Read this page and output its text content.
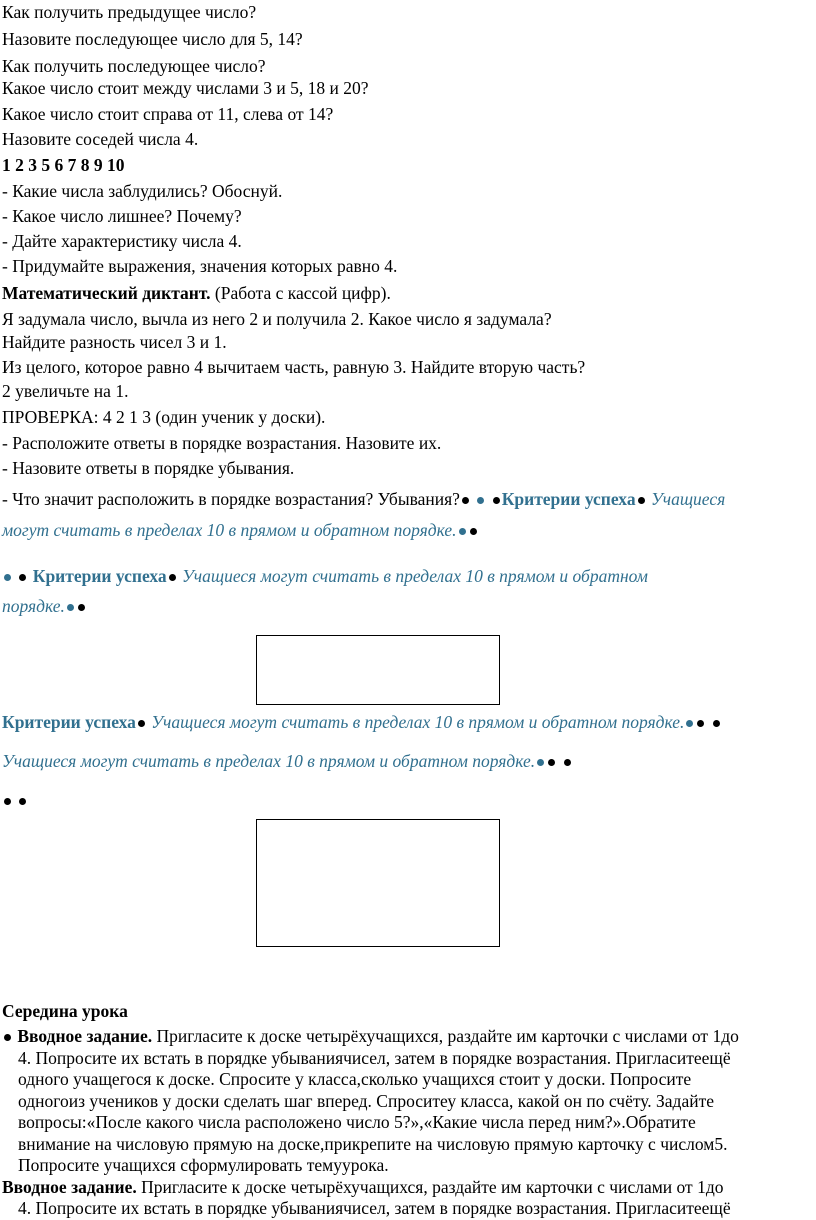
Как получить предыдущее число?
Назовите последующее число для 5, 14?
Как получить последующее число?
Какое число стоит между числами 3 и 5, 18 и 20?
Какое число стоит справа от 11, слева от 14?
Назовите соседей числа 4.
1 2 3 5 6 7 8 9 10
- Какие числа заблудились? Обоснуй.
- Какое число лишнее? Почему?
- Дайте характеристику числа 4.
- Придумайте выражения, значения которых равно 4.
Математический диктант. (Работа с кассой цифр).
Я задумала число, вычла из него 2 и получила 2. Какое число я задумала?
Найдите разность чисел 3 и 1.
Из целого, которое равно 4 вычитаем часть, равную 3. Найдите вторую часть?
2 увеличьте на 1.
ПРОВЕРКА: 4 2 1 3 (один ученик у доски).
- Расположите ответы в порядке возрастания. Назовите их.
- Назовите ответы в порядке убывания.
- Что значит расположить в порядке возрастания? Убывания? Критерии успеха Учащиеся
могут считать в пределах 10 в прямом и обратном порядке.
Критерии успеха Учащиеся могут считать в пределах 10 в прямом и обратном
порядке.
Критерии успеха Учащиеся могут считать в пределах 10 в прямом и обратном порядке.
Учащиеся могут считать в пределах 10 в прямом и обратном порядке.

Середина урока
Вводное задание. Пригласите к доске четырёхучащихся, раздайте им карточки с числами от 1до
4. Попросите их встать в порядке убываниячисел, затем в порядке возрастания. Пригласитеещё
одного учащегося к доске. Спросите у класса,сколько учащихся стоит у доски. Попросите
одногоиз учеников у доски сделать шаг вперед. Спроситеу класса, какой он по счёту. Задайте
вопросы:«После какого числа расположено число 5?»,«Какие числа перед ним?».Обратите
внимание на числовую прямую на доске,прикрепите на числовую прямую карточку с числом5.
Попросите учащихся сформулировать темуурока.
Вводное задание. Пригласите к доске четырёхучащихся, раздайте им карточки с числами от 1до
4. Попросите их встать в порядке убываниячисел, затем в порядке возрастания. Пригласитеещё
